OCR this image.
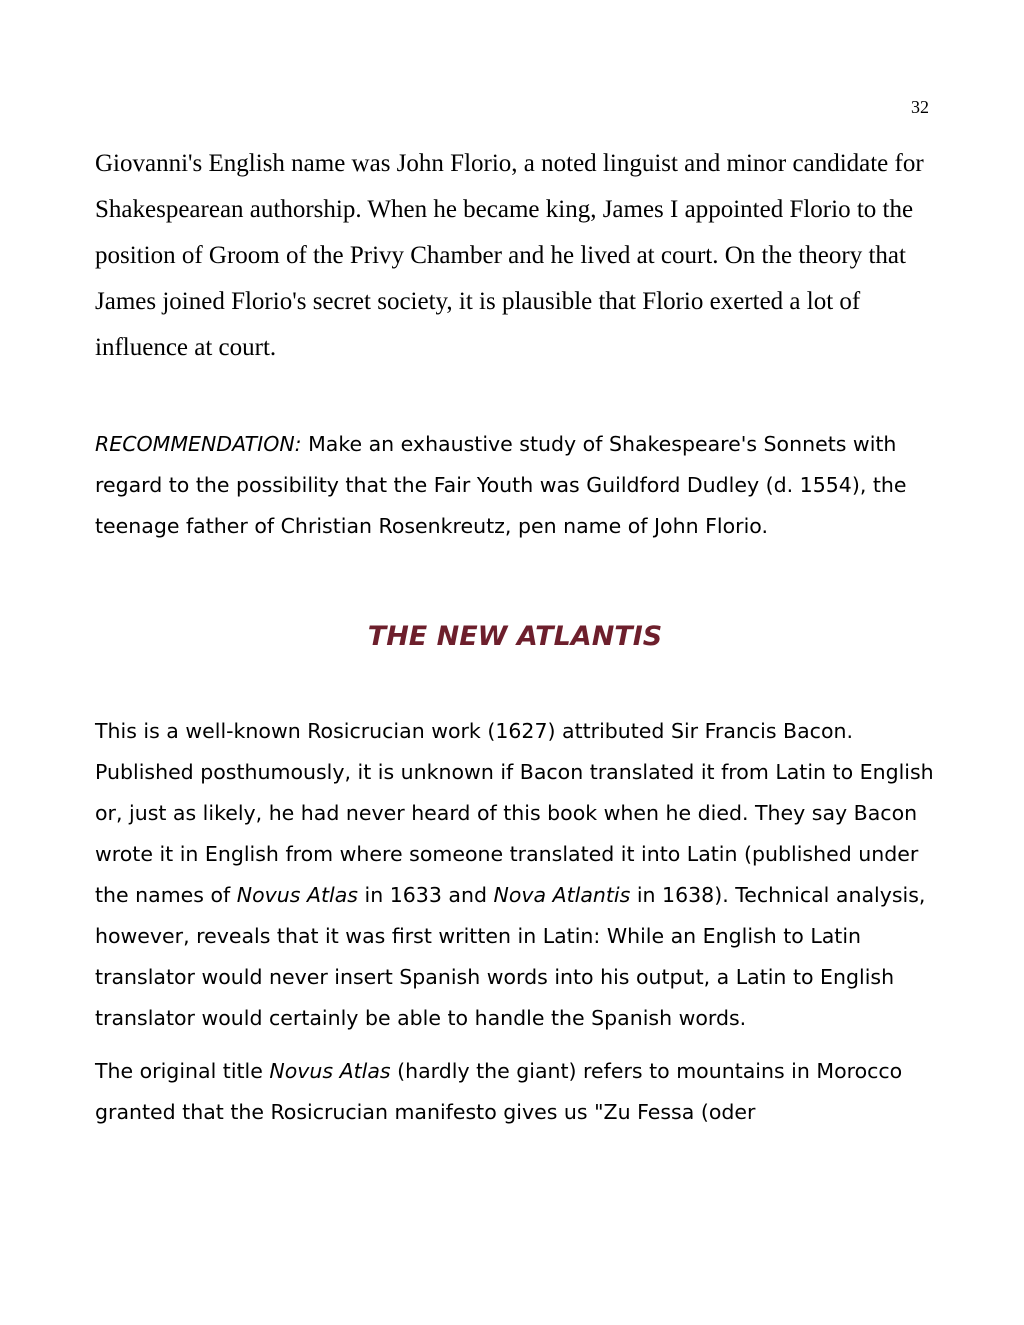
32

Giovanni's English name was John Florio, a noted linguist and minor candidate for Shakespearean authorship. When he became king, James I appointed Florio to the position of Groom of the Privy Chamber and he lived at court. On the theory that James joined Florio's secret society, it is plausible that Florio exerted a lot of influence at court.

RECOMMENDATION: Make an exhaustive study of Shakespeare's Sonnets with regard to the possibility that the Fair Youth was Guildford Dudley (d. 1554), the teenage father of Christian Rosenkreutz, pen name of John Florio.

THE NEW ATLANTIS

This is a well-known Rosicrucian work (1627) attributed Sir Francis Bacon. Published posthumously, it is unknown if Bacon translated it from Latin to English or, just as likely, he had never heard of this book when he died. They say Bacon wrote it in English from where someone translated it into Latin (published under the names of Novus Atlas in 1633 and Nova Atlantis in 1638). Technical analysis, however, reveals that it was first written in Latin: While an English to Latin translator would never insert Spanish words into his output, a Latin to English translator would certainly be able to handle the Spanish words.

The original title Novus Atlas (hardly the giant) refers to mountains in Morocco granted that the Rosicrucian manifesto gives us "Zu Fessa (oder
